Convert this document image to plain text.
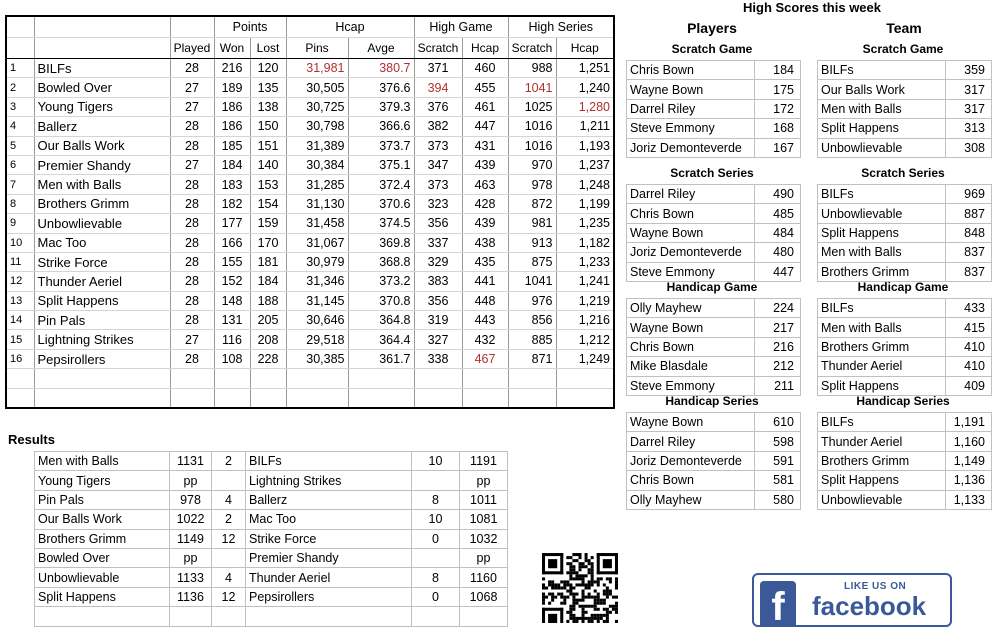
			Points		Hcap		High Game		High Series	
		Played	Won	Lost	Pins	Avge	Scratch	Hcap	Scratch	Hcap
1	BILFs	28	216	120	31,981	380.7	371	460	988	1,251
2	Bowled Over	27	189	135	30,505	376.6	394	455	1041	1,240
3	Young Tigers	27	186	138	30,725	379.3	376	461	1025	1,280
4	Ballerz	28	186	150	30,798	366.6	382	447	1016	1,211
5	Our Balls Work	28	185	151	31,389	373.7	373	431	1016	1,193
6	Premier Shandy	27	184	140	30,384	375.1	347	439	970	1,237
7	Men with Balls	28	183	153	31,285	372.4	373	463	978	1,248
8	Brothers Grimm	28	182	154	31,130	370.6	323	428	872	1,199
9	Unbowlievable	28	177	159	31,458	374.5	356	439	981	1,235
10	Mac Too	28	166	170	31,067	369.8	337	438	913	1,182
11	Strike Force	28	155	181	30,979	368.8	329	435	875	1,233
12	Thunder Aeriel	28	152	184	31,346	373.2	383	441	1041	1,241
13	Split Happens	28	148	188	31,145	370.8	356	448	976	1,219
14	Pin Pals	28	131	205	30,646	364.8	319	443	856	1,216
15	Lightning Strikes	27	116	208	29,518	364.4	327	432	885	1,212
16	Pepsirollers	28	108	228	30,385	361.7	338	467	871	1,249

High Scores this week
Players	Team
Scratch Game
Chris Bown	184
Wayne Bown	175
Darrel Riley	172
Steve Emmony	168
Joriz Demonteverde	167
Scratch Game
BILFs	359
Our Balls Work	317
Men with Balls	317
Split Happens	313
Unbowlievable	308
Scratch Series
Darrel Riley	490
Chris Bown	485
Wayne Bown	484
Joriz Demonteverde	480
Steve Emmony	447
Scratch Series
BILFs	969
Unbowlievable	887
Split Happens	848
Men with Balls	837
Brothers Grimm	837
Handicap Game
Olly Mayhew	224
Wayne Bown	217
Chris Bown	216
Mike Blasdale	212
Steve Emmony	211
Handicap Game
BILFs	433
Men with Balls	415
Brothers Grimm	410
Thunder Aeriel	410
Split Happens	409
Handicap Series
Wayne Bown	610
Darrel Riley	598
Joriz Demonteverde	591
Chris Bown	581
Olly Mayhew	580
Handicap Series
BILFs	1,191
Thunder Aeriel	1,160
Brothers Grimm	1,149
Split Happens	1,136
Unbowlievable	1,133
Results
Men with Balls	1131	2	BILFs	10	1191
Young Tigers	pp		Lightning Strikes		pp
Pin Pals	978	4	Ballerz	8	1011
Our Balls Work	1022	2	Mac Too	10	1081
Brothers Grimm	1149	12	Strike Force	0	1032
Bowled Over	pp		Premier Shandy		pp
Unbowlievable	1133	4	Thunder Aeriel	8	1160
Split Happens	1136	12	Pepsirollers	0	1068
						f	LIKE US ON
facebook
